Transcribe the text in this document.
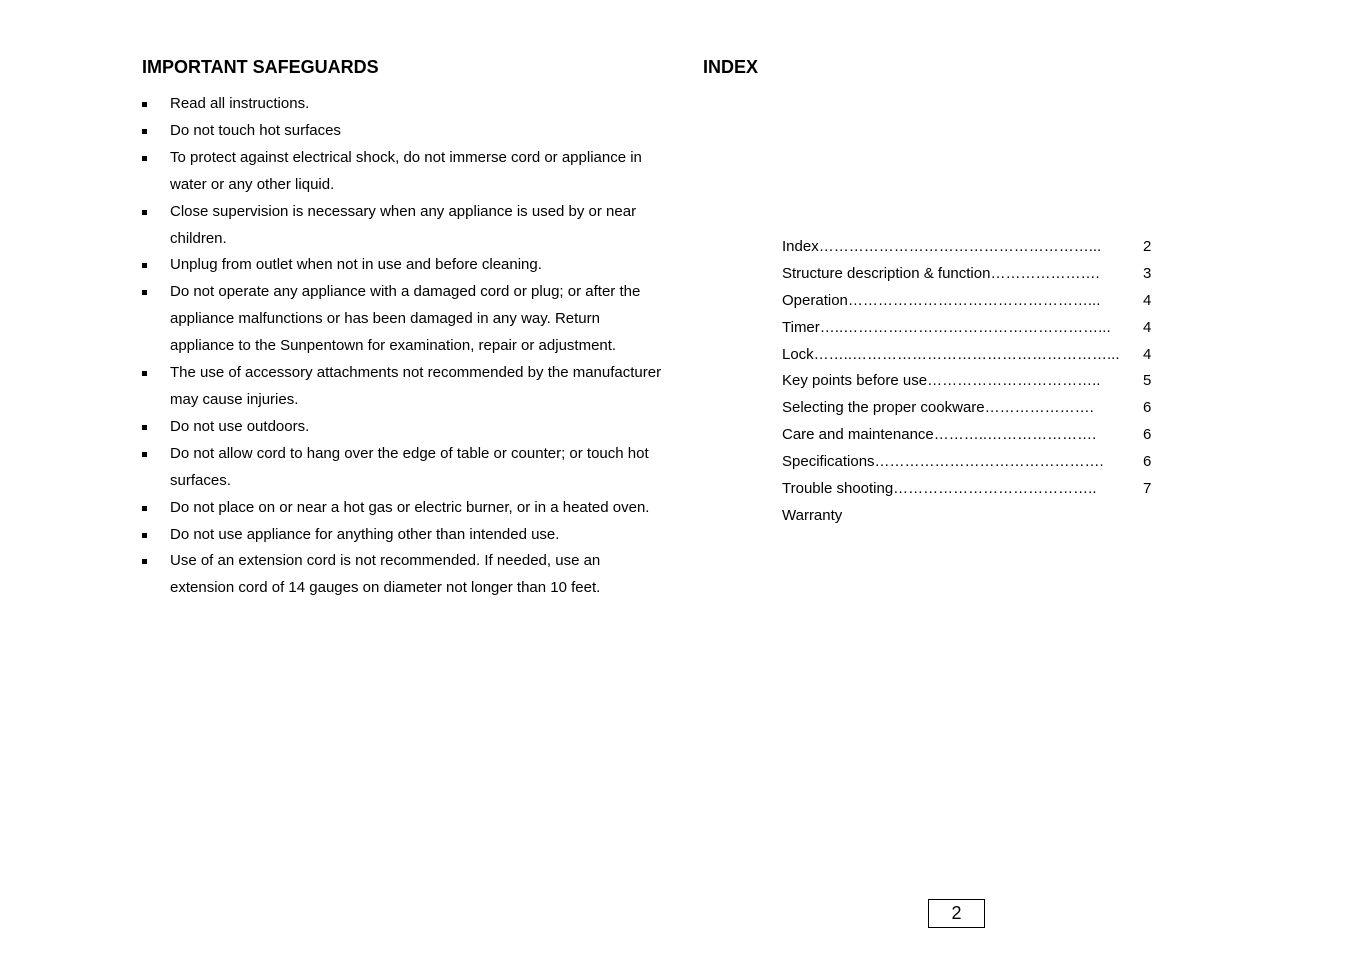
IMPORTANT SAFEGUARDS	INDEX
Read all instructions.
Do not touch hot surfaces
To protect against electrical shock, do not immerse cord or appliance in water or any other liquid.
Close supervision is necessary when any appliance is used by or near children.
Unplug from outlet when not in use and before cleaning.
Do not operate any appliance with a damaged cord or plug; or after the appliance malfunctions or has been damaged in any way. Return appliance to the Sunpentown for examination, repair or adjustment.
The use of accessory attachments not recommended by the manufacturer may cause injuries.
Do not use outdoors.
Do not allow cord to hang over the edge of table or counter; or touch hot surfaces.
Do not place on or near a hot gas or electric burner, or in a heated oven.
Do not use appliance for anything other than intended use.
Use of an extension cord is not recommended. If needed, use an extension cord of 14 gauges on diameter not longer than 10 feet.
Index………………………………………………...	2
Structure description & function………………….	3
Operation…………………………………………...	4
Timer…..……………………………………………... 4
Lock……..……………………………………………... 4
Key points before use……………………………..	5
Selecting the proper cookware………………….	6
Care and maintenance………..………………….	6
Specifications……………………………………….	6
Trouble shooting…………………………………..	7
Warranty
2
